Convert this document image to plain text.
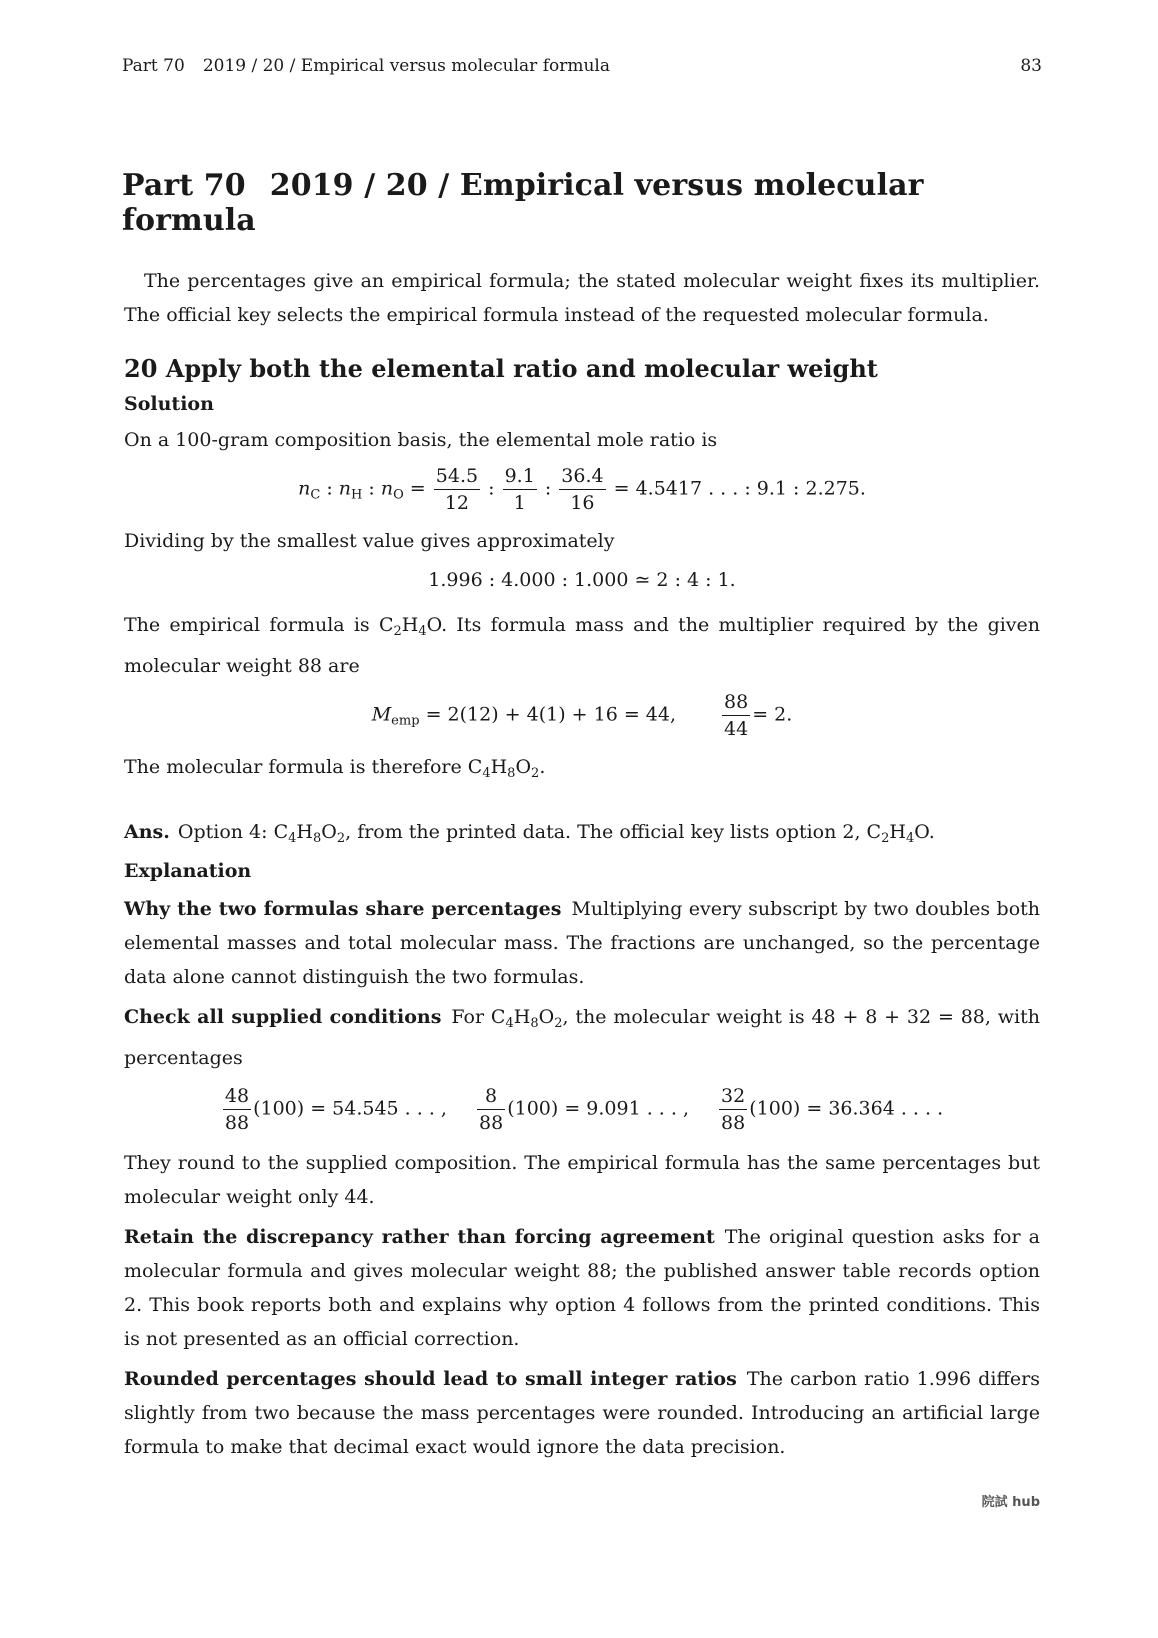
Part 70 2019 / 20 / Empirical versus molecular formula	83
Part 70 2019 / 20 / Empirical versus molecular formula

The percentages give an empirical formula; the stated molecular weight fixes its multiplier. The official key selects the empirical formula instead of the requested molecular formula.

20 Apply both the elemental ratio and molecular weight
Solution

On a 100-gram composition basis, the elemental mole ratio is

$n_C$ : $n_H$ : $n_O = \frac{54.5}{12}$ : $\frac{9.1}{1}$ : $\frac{36.4}{16} = 4.5417$ . . . : 9.1 : 2.275.

Dividing by the smallest value gives approximately

1.996 : 4.000 : 1.000 ≃ 2 : 4 : 1.

The empirical formula is $C_2H_4O$. Its formula mass and the multiplier required by the given molecular weight 88 are

$M_{emp} = 2(12) + 4(1) + 16 = 44$, $\frac{88}{44} = 2$.

The molecular formula is therefore $C_4H_8O_2$.

Ans. Option 4: $C_4H_8O_2$, from the printed data. The official key lists option 2, $C_2H_4O$.

Explanation

Why the two formulas share percentages Multiplying every subscript by two doubles both elemental masses and total molecular mass. The fractions are unchanged, so the percentage data alone cannot distinguish the two formulas.

Check all supplied conditions For $C_4H_8O_2$, the molecular weight is 48 + 8 + 32 = 88, with percentages

$\frac{48}{88} (100) = 54.545$ . . . , $\frac{8}{88} (100) = 9.091$ . . . , $\frac{32}{88} (100) = 36.364$ . . . .

They round to the supplied composition. The empirical formula has the same percentages but molecular weight only 44.

Retain the discrepancy rather than forcing agreement The original question asks for a molecular formula and gives molecular weight 88; the published answer table records option 2. This book reports both and explains why option 4 follows from the printed conditions. This is not presented as an official correction.

Rounded percentages should lead to small integer ratios The carbon ratio 1.996 differs slightly from two because the mass percentages were rounded. Introducing an artificial large formula to make that decimal exact would ignore the data precision.

院試 hub
